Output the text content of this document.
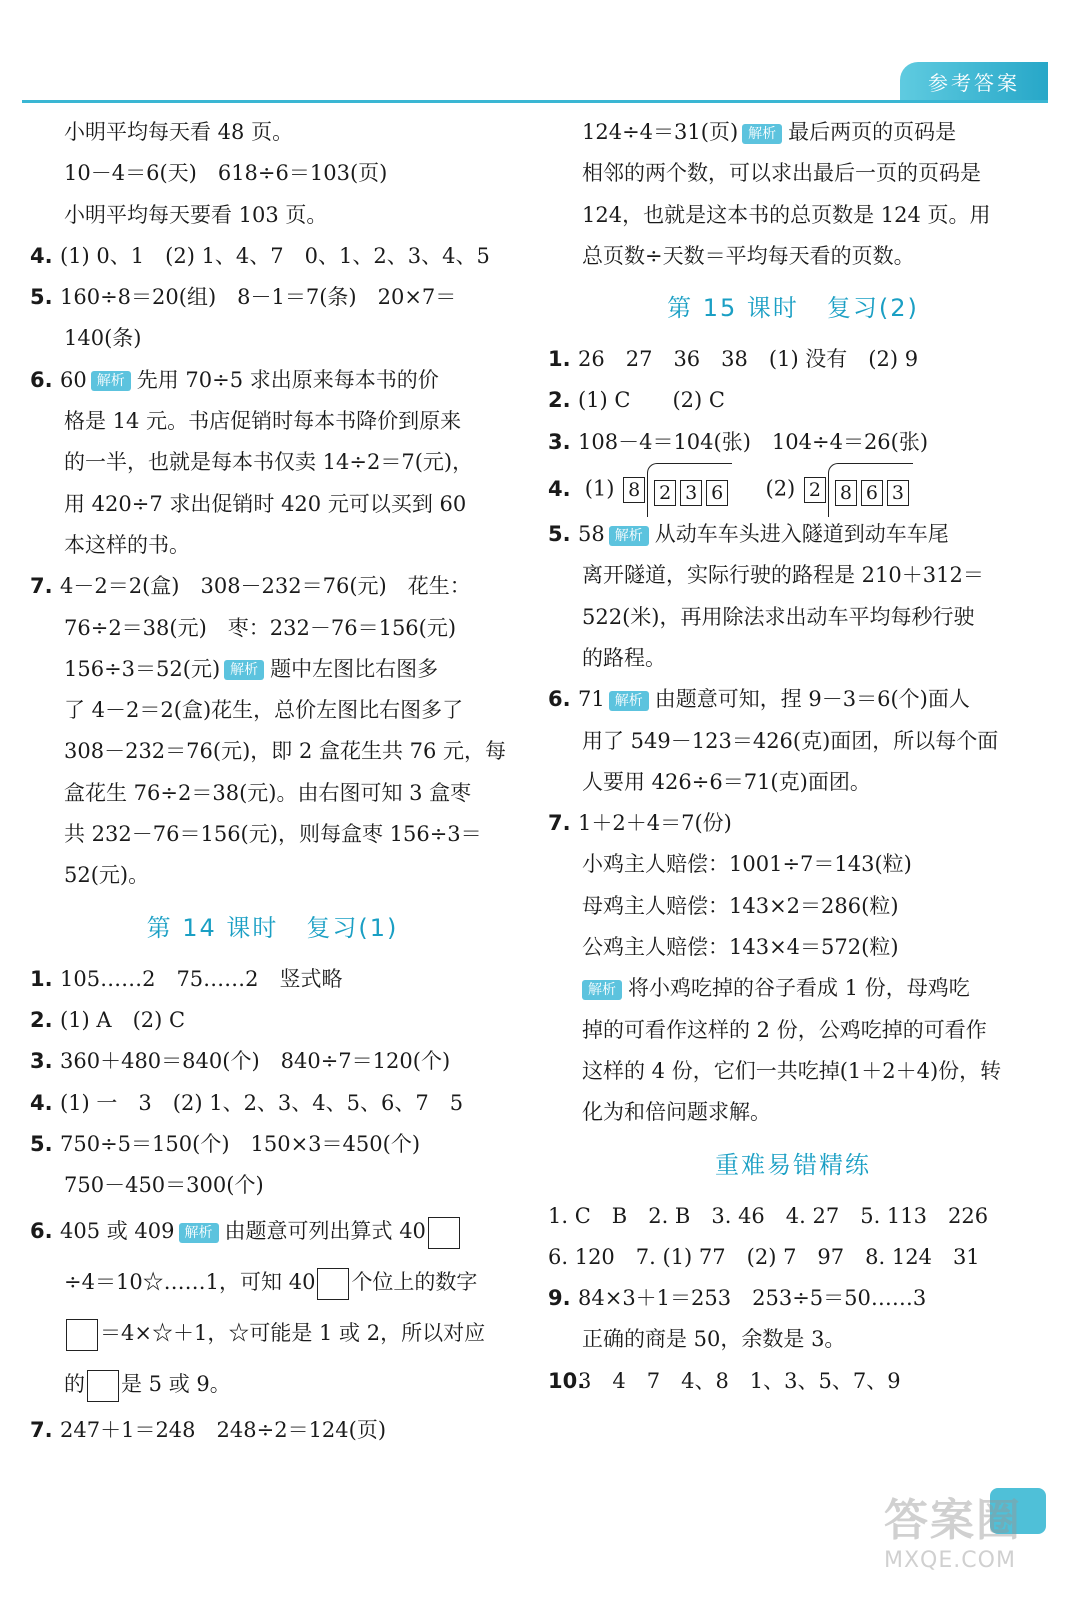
参考答案
小明平均每天看 48 页。
10－4＝6(天)　618÷6＝103(页)
小明平均每天要看 103 页。
4. (1) 0、1　(2) 1、4、7　0、1、2、3、4、5
5. 160÷8＝20(组)　8－1＝7(条)　20×7＝
140(条)
6. 60 解析 先用 70÷5 求出原来每本书的价
格是 14 元。书店促销时每本书降价到原来
的一半，也就是每本书仅卖 14÷2＝7(元)，
用 420÷7 求出促销时 420 元可以买到 60
本这样的书。
7. 4－2＝2(盒)　308－232＝76(元)　花生：
76÷2＝38(元)　枣：232－76＝156(元)
156÷3＝52(元) 解析 题中左图比右图多
了 4－2＝2(盒)花生，总价左图比右图多了
308－232＝76(元)，即 2 盒花生共 76 元，每
盒花生 76÷2＝38(元)。由右图可知 3 盒枣
共 232－76＝156(元)，则每盒枣 156÷3＝
52(元)。
第 14 课时 复习(1)
1. 105……2　75……2　竖式略
2. (1) A　(2) C
3. 360＋480＝840(个)　840÷7＝120(个)
4. (1) 一　3　(2) 1、2、3、4、5、6、7　5
5. 750÷5＝150(个)　150×3＝450(个)
750－450＝300(个)
6. 405 或 409 解析 由题意可列出算式 40
÷4＝10☆……1，可知 40 个位上的数字
＝4×☆＋1，☆可能是 1 或 2，所以对应
的 是 5 或 9。
7. 247＋1＝248　248÷2＝124(页)
124÷4＝31(页) 解析 最后两页的页码是
相邻的两个数，可以求出最后一页的页码是
124，也就是这本书的总页数是 124 页。用
总页数÷天数＝平均每天看的页数。
第 15 课时 复习(2)
1. 26　27　36　38　(1) 没有　(2) 9
2. (1) C　　(2) C
3. 108－4＝104(张)　104÷4＝26(张)
4. (1) 8 2 3 6 (2) 2 8 6 3
5. 58 解析 从动车车头进入隧道到动车车尾
离开隧道，实际行驶的路程是 210＋312＝
522(米)，再用除法求出动车平均每秒行驶
的路程。
6. 71 解析 由题意可知，捏 9－3＝6(个)面人
用了 549－123＝426(克)面团，所以每个面
人要用 426÷6＝71(克)面团。
7. 1＋2＋4＝7(份)
小鸡主人赔偿：1001÷7＝143(粒)
母鸡主人赔偿：143×2＝286(粒)
公鸡主人赔偿：143×4＝572(粒)
解析 将小鸡吃掉的谷子看成 1 份，母鸡吃
掉的可看作这样的 2 份，公鸡吃掉的可看作
这样的 4 份，它们一共吃掉(1＋2＋4)份，转
化为和倍问题求解。
重难易错精练
1. C　B　2. B　3. 46　4. 27　5. 113　226
6. 120　7. (1) 77　(2) 7　97　8. 124　31
9. 84×3＋1＝253　253÷5＝50……3
正确的商是 50，余数是 3。
10.3　4　7　4、8　1、3、5、7、9
答案圈
MXQE.COM
